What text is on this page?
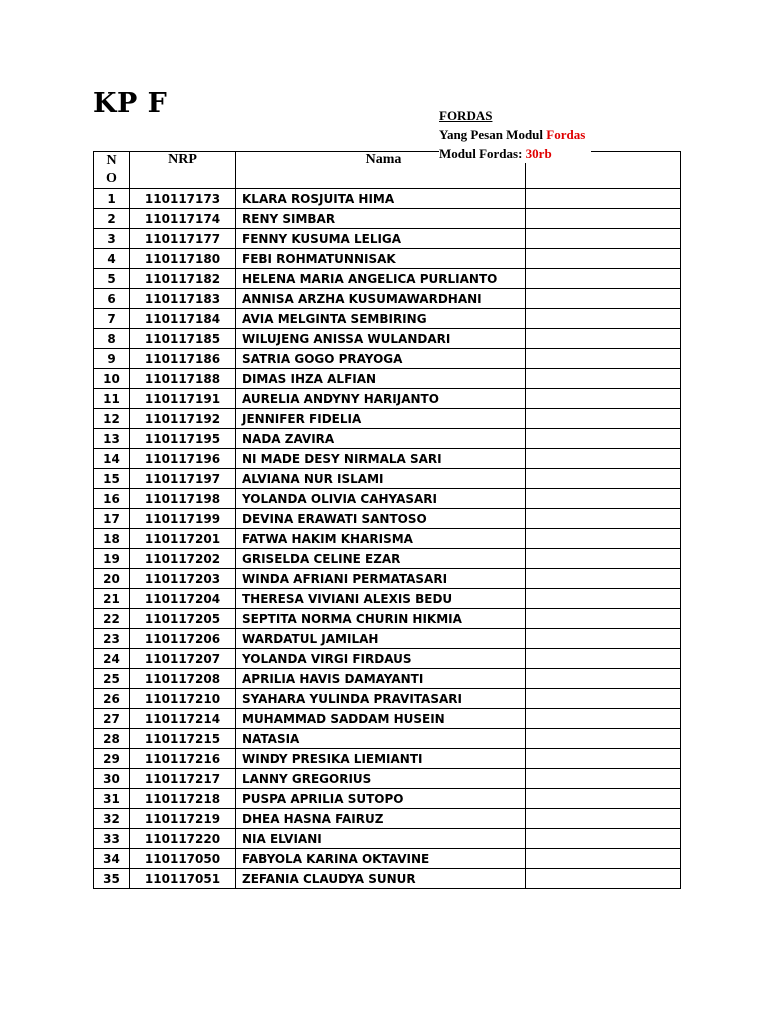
KP F	FORDAS
Yang Pesan Modul Fordas
Modul Fordas: 30rb
N
O	NRP	Nama	
1	110117173	KLARA ROSJUITA HIMA	
2	110117174	RENY SIMBAR	
3	110117177	FENNY KUSUMA LELIGA	
4	110117180	FEBI ROHMATUNNISAK	
5	110117182	HELENA MARIA ANGELICA PURLIANTO	
6	110117183	ANNISA ARZHA KUSUMAWARDHANI	
7	110117184	AVIA MELGINTA SEMBIRING	
8	110117185	WILUJENG ANISSA WULANDARI	
9	110117186	SATRIA GOGO PRAYOGA	
10	110117188	DIMAS IHZA ALFIAN	
11	110117191	AURELIA ANDYNY HARIJANTO	
12	110117192	JENNIFER FIDELIA	
13	110117195	NADA ZAVIRA	
14	110117196	NI MADE DESY NIRMALA SARI	
15	110117197	ALVIANA NUR ISLAMI	
16	110117198	YOLANDA OLIVIA CAHYASARI	
17	110117199	DEVINA ERAWATI SANTOSO	
18	110117201	FATWA HAKIM KHARISMA	
19	110117202	GRISELDA CELINE EZAR	
20	110117203	WINDA AFRIANI PERMATASARI	
21	110117204	THERESA VIVIANI ALEXIS BEDU	
22	110117205	SEPTITA NORMA CHURIN HIKMIA	
23	110117206	WARDATUL JAMILAH	
24	110117207	YOLANDA VIRGI FIRDAUS	
25	110117208	APRILIA HAVIS DAMAYANTI	
26	110117210	SYAHARA YULINDA PRAVITASARI	
27	110117214	MUHAMMAD SADDAM HUSEIN	
28	110117215	NATASIA	
29	110117216	WINDY PRESIKA LIEMIANTI	
30	110117217	LANNY GREGORIUS	
31	110117218	PUSPA APRILIA SUTOPO	
32	110117219	DHEA HASNA FAIRUZ	
33	110117220	NIA ELVIANI	
34	110117050	FABYOLA KARINA OKTAVINE	
35	110117051	ZEFANIA CLAUDYA SUNUR	
